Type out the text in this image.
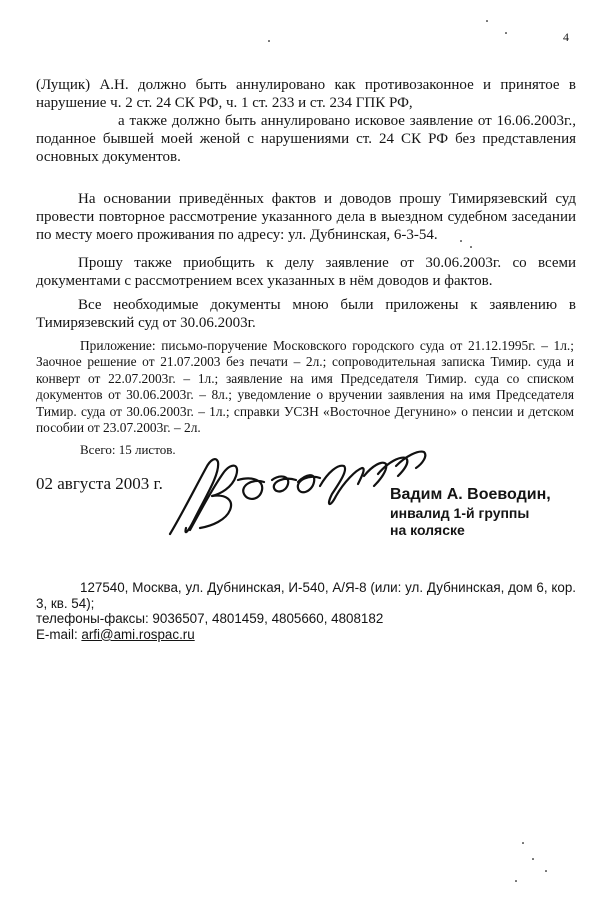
4

(Лущик) А.Н. должно быть аннулировано как противозаконное и принятое в нарушение ч. 2 ст. 24 СК РФ, ч. 1 ст. 233 и ст. 234 ГПК РФ,

а также должно быть аннулировано исковое заявление от 16.06.2003г., поданное бывшей моей женой с нарушениями ст. 24 СК РФ без представления основных документов.

На основании приведённых фактов и доводов прошу Тимирязевский суд провести повторное рассмотрение указанного дела в выездном судебном заседании по месту моего проживания по адресу: ул. Дубнинская, 6-3-54.

Прошу также приобщить к делу заявление от 30.06.2003г. со всеми документами с рассмотрением всех указанных в нём доводов и фактов.

Все необходимые документы мною были приложены к заявлению в Тимирязевский суд от 30.06.2003г.

Приложение: письмо-поручение Московского городского суда от 21.12.1995г. – 1л.; Заочное решение от 21.07.2003 без печати – 2л.; сопроводительная записка Тимир. суда и конверт от 22.07.2003г. – 1л.; заявление на имя Председателя Тимир. суда со списком документов от 30.06.2003г. – 8л.; уведомление о вручении заявления на имя Председателя Тимир. суда от 30.06.2003г. – 1л.; справки УСЗН «Восточное Дегунино» о пенсии и детском пособии от 23.07.2003г. – 2л.

Всего: 15 листов.
02 августа 2003 г.
Вадим А. Воеводин,
инвалид 1-й группы
на коляске
127540, Москва, ул. Дубнинская, И-540, А/Я-8 (или: ул. Дубнинская, дом 6, кор. 3, кв. 54);
телефоны-факсы: 9036507, 4801459, 4805660, 4808182
E-mail: arfi@ami.rospac.ru
